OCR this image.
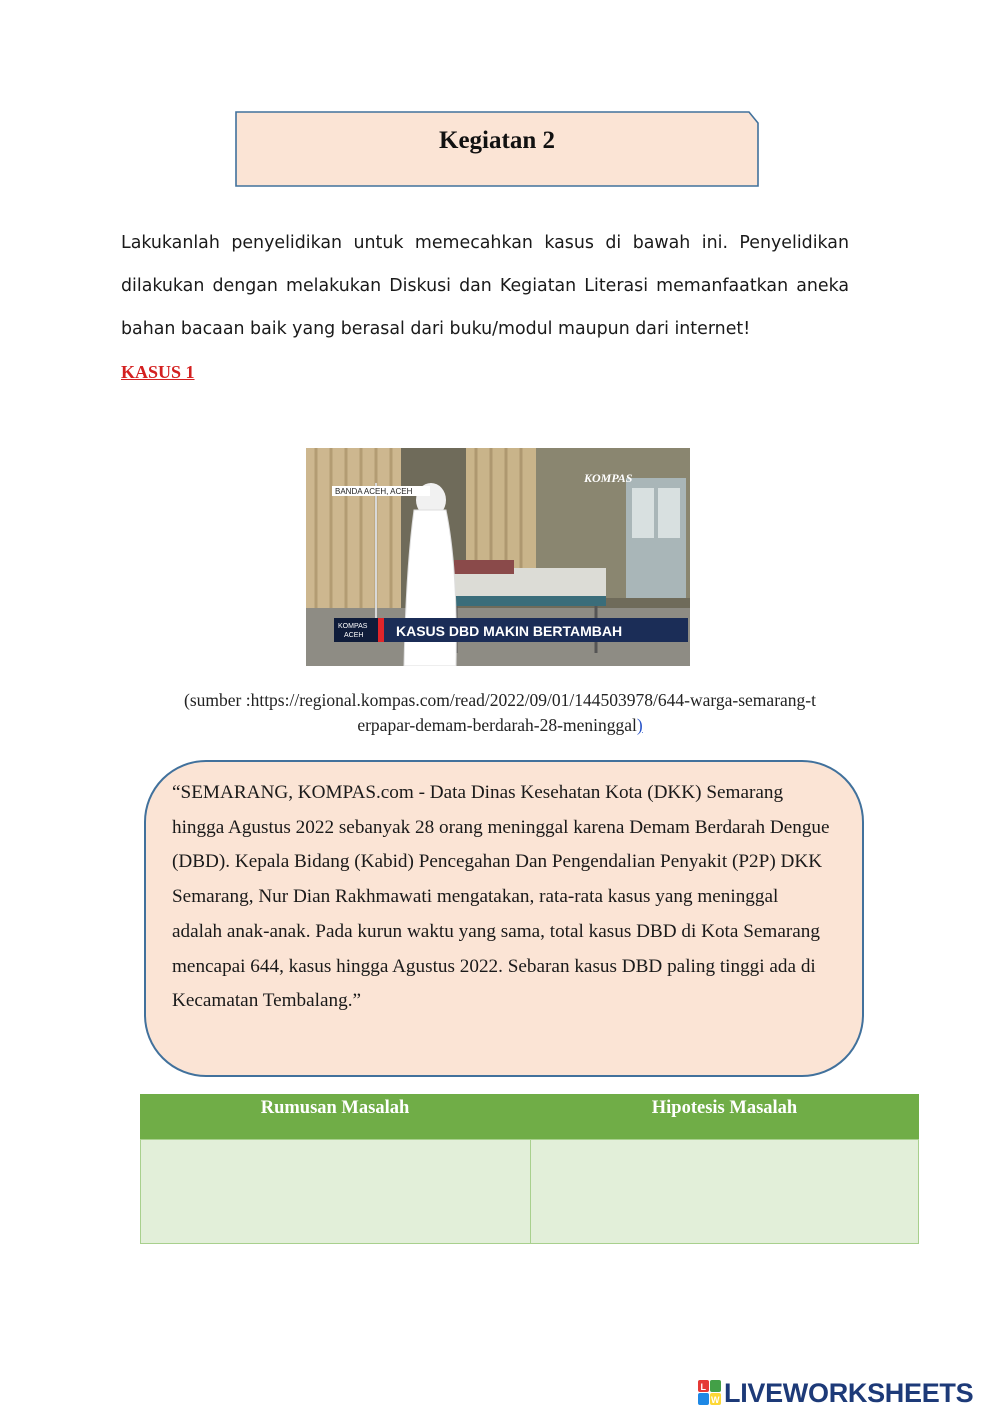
Kegiatan 2
Lakukanlah penyelidikan untuk memecahkan kasus di bawah ini. Penyelidikan dilakukan dengan melakukan Diskusi dan Kegiatan Literasi memanfaatkan aneka bahan bacaan baik yang berasal dari buku/modul maupun dari internet!
KASUS 1
BANDA ACEH, ACEH
KOMPAS
KOMPAS
ACEH KASUS DBD MAKIN BERTAMBAH
(sumber :https://regional.kompas.com/read/2022/09/01/144503978/644-warga-semarang-t
erpapar-demam-berdarah-28-meninggal)
“SEMARANG, KOMPAS.com - Data Dinas Kesehatan Kota (DKK) Semarang hingga Agustus 2022 sebanyak 28 orang meninggal karena Demam Berdarah Dengue (DBD). Kepala Bidang (Kabid) Pencegahan Dan Pengendalian Penyakit (P2P) DKK Semarang, Nur Dian Rakhmawati mengatakan, rata-rata kasus yang meninggal adalah anak-anak. Pada kurun waktu yang sama, total kasus DBD di Kota Semarang mencapai 644, kasus hingga Agustus 2022. Sebaran kasus DBD paling tinggi ada di Kecamatan Tembalang.”
Rumusan Masalah	Hipotesis Masalah
L
W LIVEWORKSHEETS
